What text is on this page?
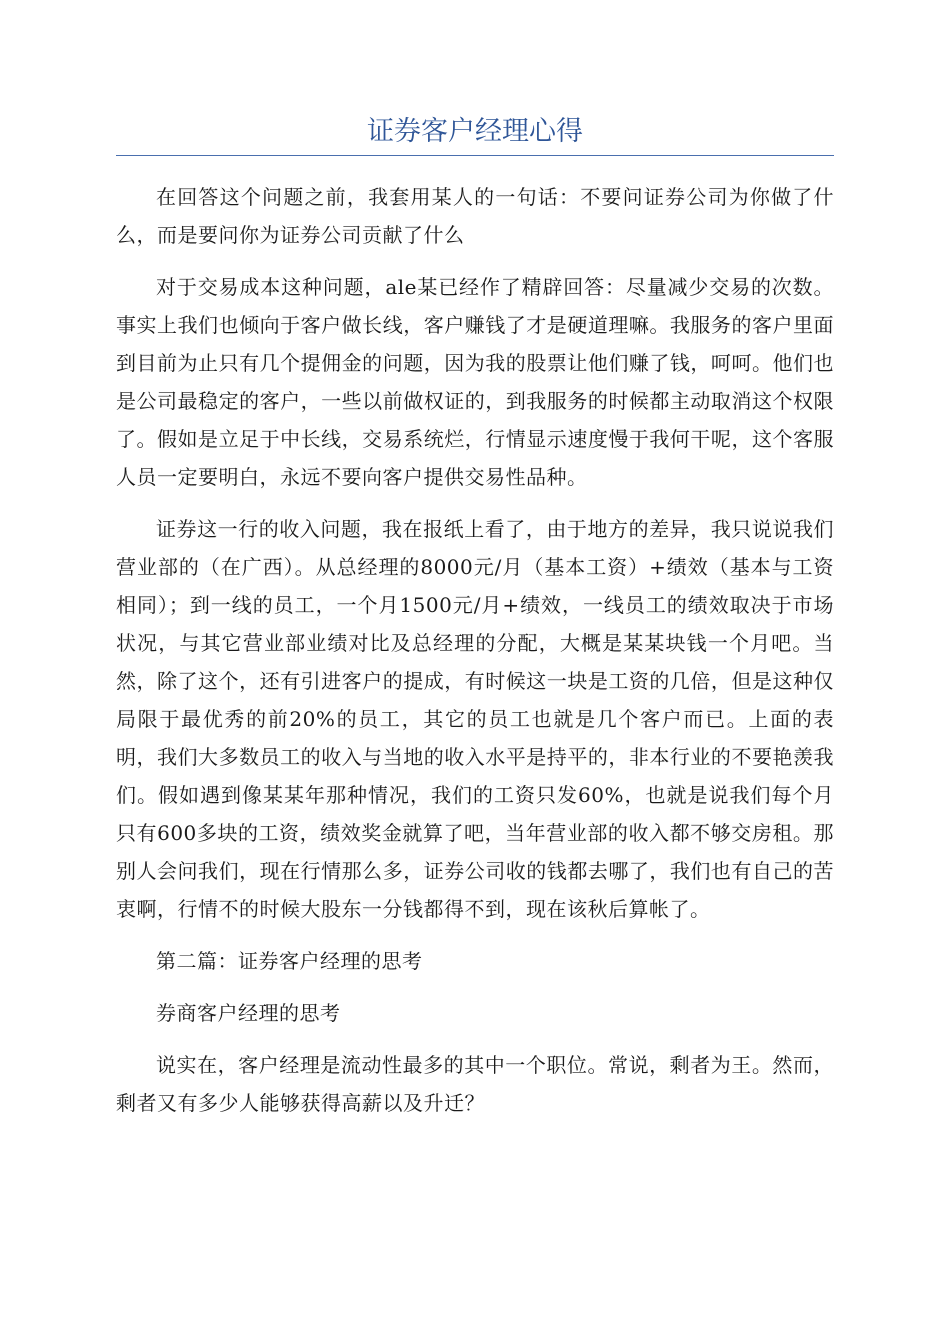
证券客户经理心得

在回答这个问题之前，我套用某人的一句话：不要问证券公司为你做了什么，而是要问你为证券公司贡献了什么

对于交易成本这种问题，ale某已经作了精辟回答：尽量减少交易的次数。事实上我们也倾向于客户做长线，客户赚钱了才是硬道理嘛。我服务的客户里面到目前为止只有几个提佣金的问题，因为我的股票让他们赚了钱，呵呵。他们也是公司最稳定的客户，一些以前做权证的，到我服务的时候都主动取消这个权限了。假如是立足于中长线，交易系统烂，行情显示速度慢于我何干呢，这个客服人员一定要明白，永远不要向客户提供交易性品种。

证券这一行的收入问题，我在报纸上看了，由于地方的差异，我只说说我们营业部的（在广西）。从总经理的8000元/月（基本工资）+绩效（基本与工资相同）；到一线的员工，一个月1500元/月+绩效，一线员工的绩效取决于市场状况，与其它营业部业绩对比及总经理的分配，大概是某某块钱一个月吧。当然，除了这个，还有引进客户的提成，有时候这一块是工资的几倍，但是这种仅局限于最优秀的前20%的员工，其它的员工也就是几个客户而已。上面的表明，我们大多数员工的收入与当地的收入水平是持平的，非本行业的不要艳羡我们。假如遇到像某某年那种情况，我们的工资只发60%，也就是说我们每个月只有600多块的工资，绩效奖金就算了吧，当年营业部的收入都不够交房租。那别人会问我们，现在行情那么多，证券公司收的钱都去哪了，我们也有自己的苦衷啊，行情不的时候大股东一分钱都得不到，现在该秋后算帐了。

第二篇：证券客户经理的思考

券商客户经理的思考

说实在，客户经理是流动性最多的其中一个职位。常说，剩者为王。然而，剩者又有多少人能够获得高薪以及升迁？
